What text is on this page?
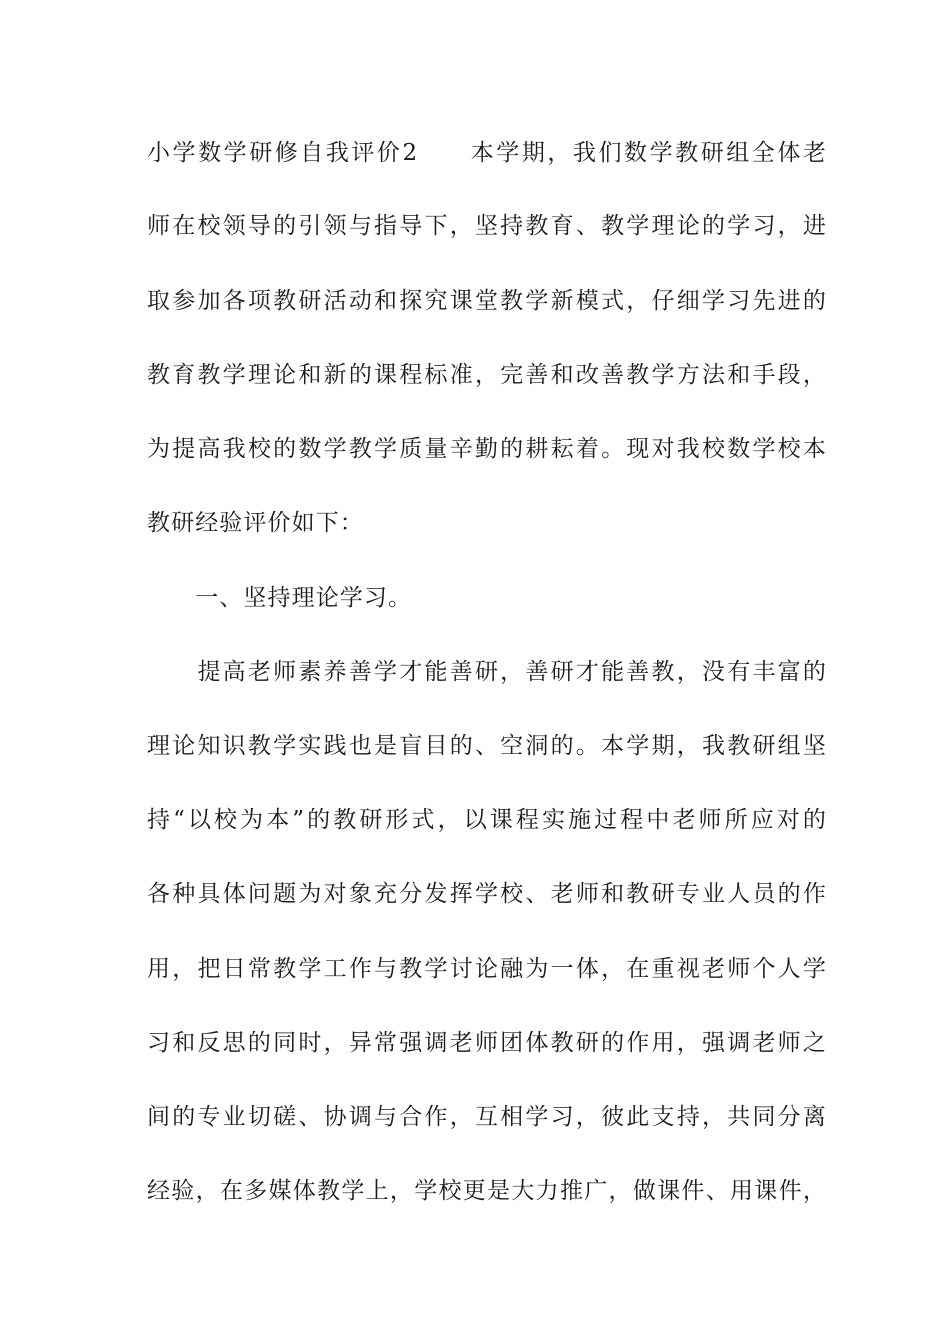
小学数学研修自我评价2　　本学期，我们数学教研组全体老
师在校领导的引领与指导下，坚持教育、教学理论的学习，进
取参加各项教研活动和探究课堂教学新模式，仔细学习先进的
教育教学理论和新的课程标准，完善和改善教学方法和手段，
为提高我校的数学教学质量辛勤的耕耘着。现对我校数学校本
教研经验评价如下：
　　一、坚持理论学习。
　　提高老师素养善学才能善研，善研才能善教，没有丰富的
理论知识教学实践也是盲目的、空洞的。本学期，我教研组坚
持“以校为本”的教研形式，以课程实施过程中老师所应对的
各种具体问题为对象充分发挥学校、老师和教研专业人员的作
用，把日常教学工作与教学讨论融为一体，在重视老师个人学
习和反思的同时，异常强调老师团体教研的作用，强调老师之
间的专业切磋、协调与合作，互相学习，彼此支持，共同分离
经验，在多媒体教学上，学校更是大力推广，做课件、用课件，
